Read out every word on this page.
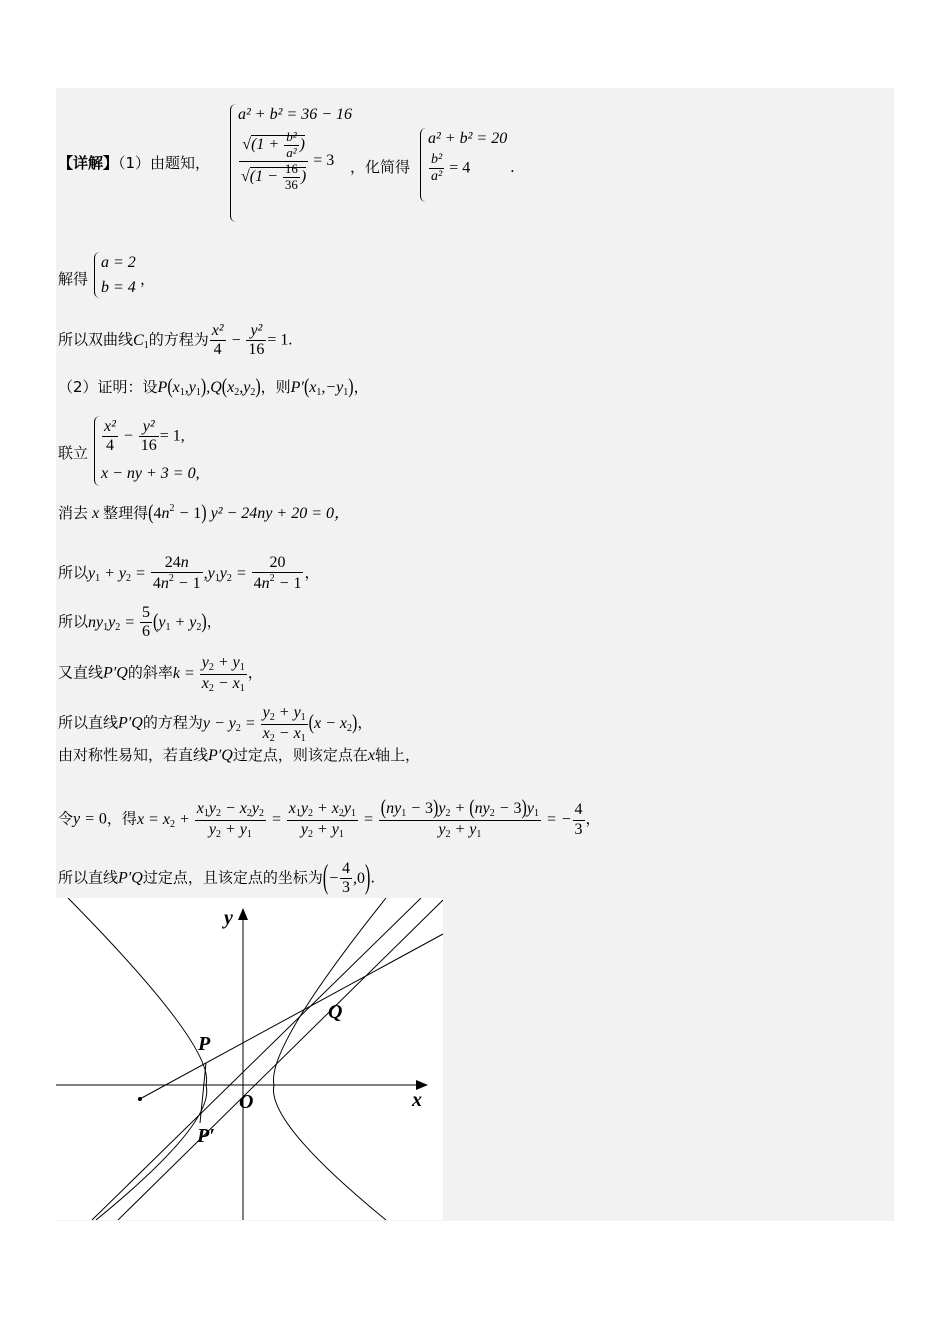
【详解】（1）由题知，
a² + b² = 36 − 16
$\frac{√(1 + \frac{\text{b²}}{\text{a²}} )}{√(1 - \frac{16}{36} )} = 3$ ，化简得
a² + b² = 20
$\frac{\text{b²}}{\text{a²}} = 4$	.
解得
a = 2
b = 4 ，
所以双曲线$C_1$的方程为 $\frac{\text{x²}}{4} - \frac{\text{y²}}{16} = 1$.
（2）证明：设$P(x_1,y_1),Q(x_2,y_2)$，则$P'(x_1,-y_1)$，
联立 $\frac{\text{x²}}{4} - \frac{\text{y²}}{16} = 1$,
x − ny + 3 = 0,
消去 x 整理得$(4n^2 - 1) y^2 - 24ny + 20 = 0$，
所以$y_1 + y_2 = \frac{24n}{4n^2 - 1} ,y_1y_2 = \frac{20}{4n^2 - 1}$ ，
所以$ny_1y_2 = \frac{5}{6} (y_1 + y_2)$，
又直线P′Q的斜率$k = \frac{y_2 + y_1}{x_2 - x_1}$ ，
所以直线P′Q的方程为$y - y_2 = \frac{y_2 + y_1}{x_2 - x_1} (x - x_2)$，
由对称性易知，若直线P′Q过定点，则该定点在x轴上，
令y = 0，得$x = x_2 + \frac{x_1y_2 - x_2y_2}{y_2 + y_1} = \frac{x_1y_2 + x_2y_1}{y_2 + y_1} = \frac{(ny_1 - 3)y_2 + (ny_2 - 3)y_1}{y_2 + y_1}$ = − $\frac{4}{3}$ ，
所以直线P′Q过定点，且该定点的坐标为(− $\frac{4}{3} ,0$).
y
x
O
P
P′
Q
